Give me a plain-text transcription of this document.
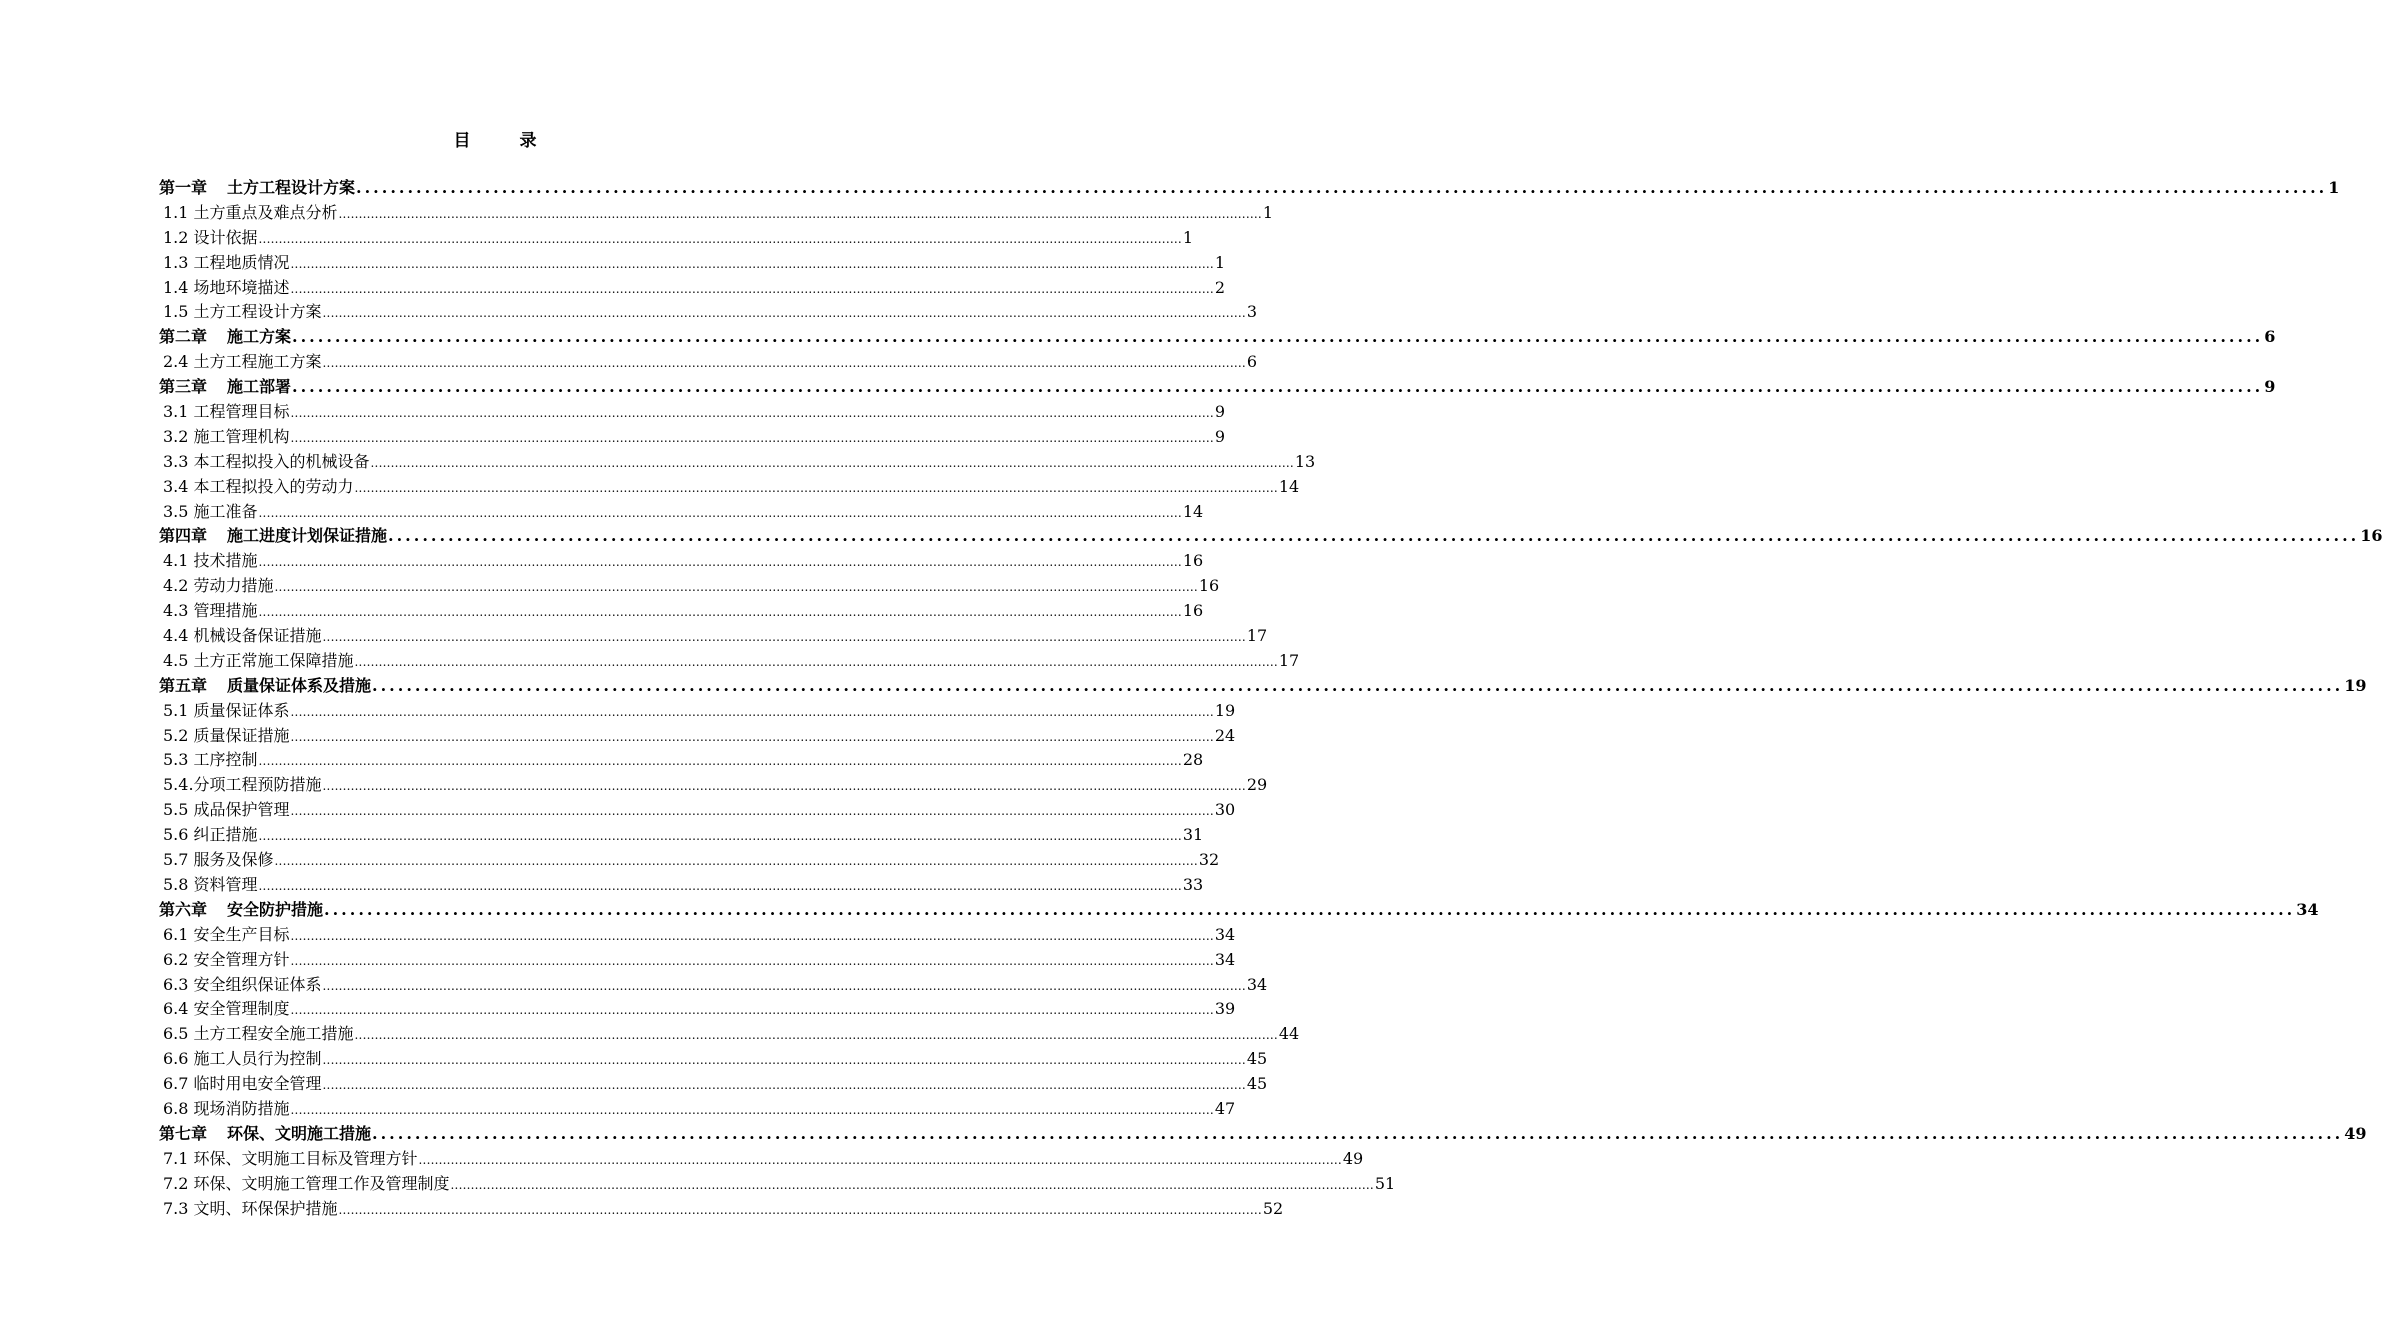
目　录
第一章 土方工程设计方案 ...................................................................................................................................................................................................................................... 1
1.1 土方重点及难点分析 ...................................................................................................................................................................................................................................... 1
1.2 设计依据 ...................................................................................................................................................................................................................................... 1
1.3 工程地质情况 ...................................................................................................................................................................................................................................... 1
1.4 场地环境描述 ...................................................................................................................................................................................................................................... 2
1.5 土方工程设计方案 ...................................................................................................................................................................................................................................... 3
第二章 施工方案 ...................................................................................................................................................................................................................................... 6
2.4 土方工程施工方案 ...................................................................................................................................................................................................................................... 6
第三章 施工部署 ...................................................................................................................................................................................................................................... 9
3.1 工程管理目标 ...................................................................................................................................................................................................................................... 9
3.2 施工管理机构 ...................................................................................................................................................................................................................................... 9
3.3 本工程拟投入的机械设备 ...................................................................................................................................................................................................................................... 13
3.4 本工程拟投入的劳动力 ...................................................................................................................................................................................................................................... 14
3.5 施工准备 ...................................................................................................................................................................................................................................... 14
第四章 施工进度计划保证措施 ...................................................................................................................................................................................................................................... 16
4.1 技术措施 ...................................................................................................................................................................................................................................... 16
4.2 劳动力措施 ...................................................................................................................................................................................................................................... 16
4.3 管理措施 ...................................................................................................................................................................................................................................... 16
4.4 机械设备保证措施 ...................................................................................................................................................................................................................................... 17
4.5 土方正常施工保障措施 ...................................................................................................................................................................................................................................... 17
第五章 质量保证体系及措施 ...................................................................................................................................................................................................................................... 19
5.1 质量保证体系 ...................................................................................................................................................................................................................................... 19
5.2 质量保证措施 ...................................................................................................................................................................................................................................... 24
5.3 工序控制 ...................................................................................................................................................................................................................................... 28
5.4.分项工程预防措施 ...................................................................................................................................................................................................................................... 29
5.5 成品保护管理 ...................................................................................................................................................................................................................................... 30
5.6 纠正措施 ...................................................................................................................................................................................................................................... 31
5.7 服务及保修 ...................................................................................................................................................................................................................................... 32
5.8 资料管理 ...................................................................................................................................................................................................................................... 33
第六章 安全防护措施 ...................................................................................................................................................................................................................................... 34
6.1 安全生产目标 ...................................................................................................................................................................................................................................... 34
6.2 安全管理方针 ...................................................................................................................................................................................................................................... 34
6.3 安全组织保证体系 ...................................................................................................................................................................................................................................... 34
6.4 安全管理制度 ...................................................................................................................................................................................................................................... 39
6.5 土方工程安全施工措施 ...................................................................................................................................................................................................................................... 44
6.6 施工人员行为控制 ...................................................................................................................................................................................................................................... 45
6.7 临时用电安全管理 ...................................................................................................................................................................................................................................... 45
6.8 现场消防措施 ...................................................................................................................................................................................................................................... 47
第七章 环保、文明施工措施 ...................................................................................................................................................................................................................................... 49
7.1 环保、文明施工目标及管理方针 ...................................................................................................................................................................................................................................... 49
7.2 环保、文明施工管理工作及管理制度 ...................................................................................................................................................................................................................................... 51
7.3 文明、环保保护措施 ...................................................................................................................................................................................................................................... 52
